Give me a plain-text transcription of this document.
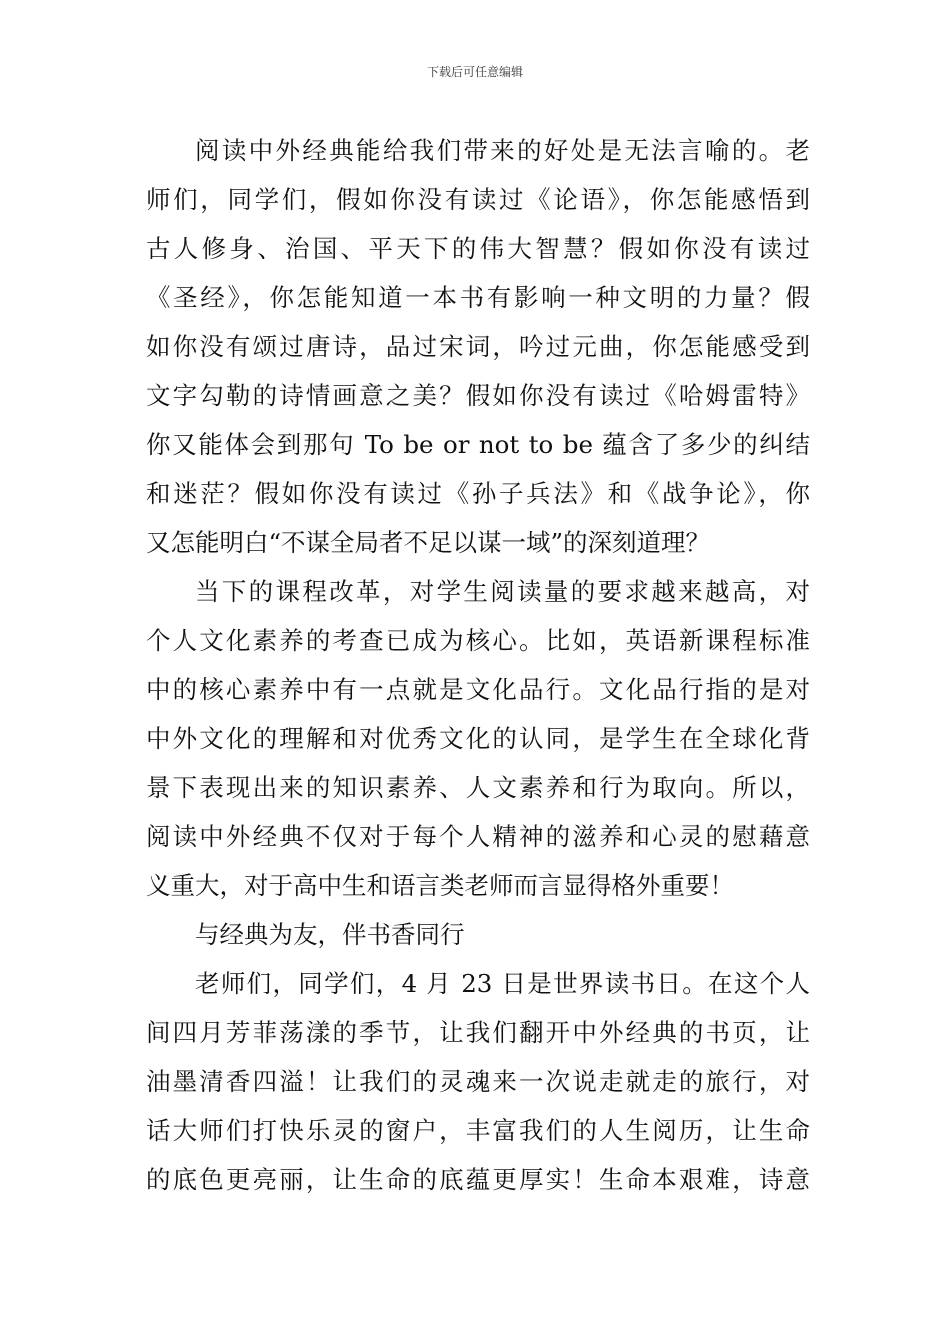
下载后可任意编辑
阅读中外经典能给我们带来的好处是无法言喻的。老
师们，同学们，假如你没有读过《论语》，你怎能感悟到
古人修身、治国、平天下的伟大智慧？假如你没有读过
《圣经》，你怎能知道一本书有影响一种文明的力量？假
如你没有颂过唐诗，品过宋词，吟过元曲，你怎能感受到
文字勾勒的诗情画意之美？假如你没有读过《哈姆雷特》
你又能体会到那句 To be or not to be 蕴含了多少的纠结
和迷茫？假如你没有读过《孙子兵法》和《战争论》，你
又怎能明白“不谋全局者不足以谋一域”的深刻道理？
当下的课程改革，对学生阅读量的要求越来越高，对
个人文化素养的考查已成为核心。比如，英语新课程标准
中的核心素养中有一点就是文化品行。文化品行指的是对
中外文化的理解和对优秀文化的认同，是学生在全球化背
景下表现出来的知识素养、人文素养和行为取向。所以，
阅读中外经典不仅对于每个人精神的滋养和心灵的慰藉意
义重大，对于高中生和语言类老师而言显得格外重要！
与经典为友，伴书香同行
老师们，同学们，4 月 23 日是世界读书日。在这个人
间四月芳菲荡漾的季节，让我们翻开中外经典的书页，让
油墨清香四溢！让我们的灵魂来一次说走就走的旅行，对
话大师们打快乐灵的窗户，丰富我们的人生阅历，让生命
的底色更亮丽，让生命的底蕴更厚实！生命本艰难，诗意
